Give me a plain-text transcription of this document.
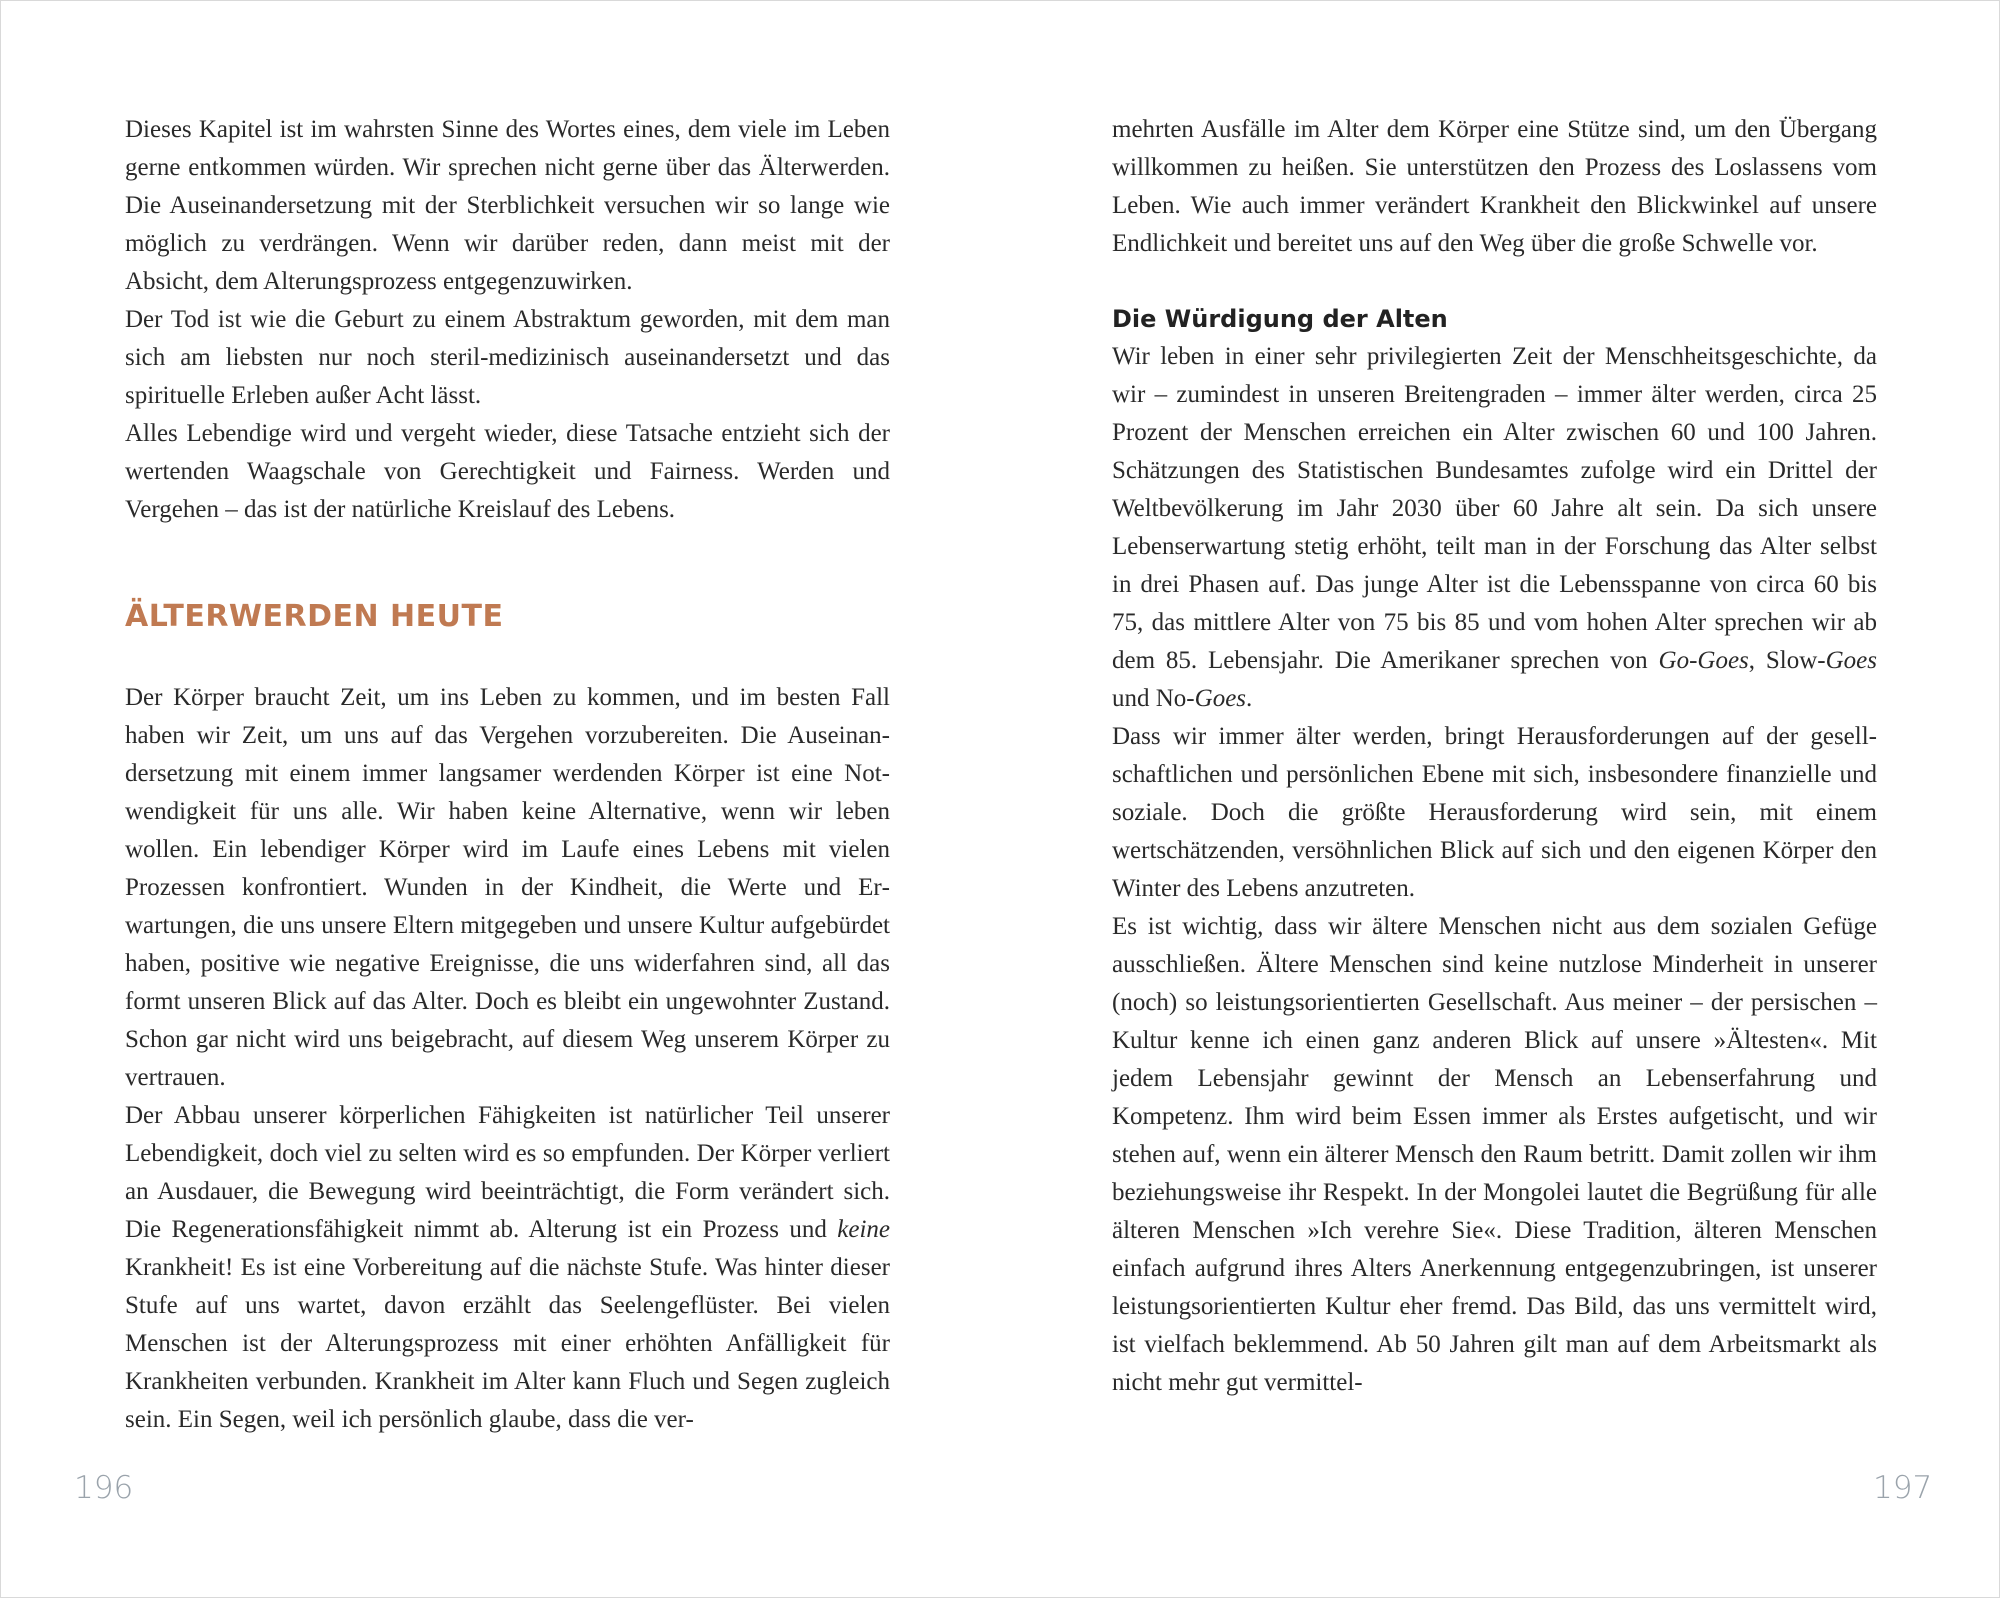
Dieses Kapitel ist im wahrsten Sinne des Wortes eines, dem viele im Leben gerne entkommen würden. Wir sprechen nicht gerne über das Älterwerden. Die Auseinandersetzung mit der Sterblichkeit versuchen wir so lange wie möglich zu verdrängen. Wenn wir darüber reden, dann meist mit der Absicht, dem Alterungsprozess entgegenzuwirken.

Der Tod ist wie die Geburt zu einem Abstraktum geworden, mit dem man sich am liebsten nur noch steril-medizinisch auseinandersetzt und das spirituelle Erleben außer Acht lässt.

Alles Lebendige wird und vergeht wieder, diese Tatsache entzieht sich der wertenden Waagschale von Gerechtigkeit und Fairness. Werden und Vergehen – das ist der natürliche Kreislauf des Lebens.

ÄLTERWERDEN HEUTE

Der Körper braucht Zeit, um ins Leben zu kommen, und im besten Fall haben wir Zeit, um uns auf das Vergehen vorzubereiten. Die Auseinandersetzung mit einem immer langsamer werdenden Körper ist eine Notwendigkeit für uns alle. Wir haben keine Alternative, wenn wir leben wollen. Ein lebendiger Körper wird im Laufe eines Lebens mit vielen Prozessen konfrontiert. Wunden in der Kindheit, die Werte und Erwartungen, die uns unsere Eltern mitgegeben und unsere Kultur aufgebürdet haben, positive wie negative Ereignisse, die uns widerfahren sind, all das formt unseren Blick auf das Alter. Doch es bleibt ein ungewohnter Zustand. Schon gar nicht wird uns beigebracht, auf diesem Weg unserem Körper zu vertrauen.

Der Abbau unserer körperlichen Fähigkeiten ist natürlicher Teil unserer Lebendigkeit, doch viel zu selten wird es so empfunden. Der Körper verliert an Ausdauer, die Bewegung wird beeinträchtigt, die Form verändert sich. Die Regenerationsfähigkeit nimmt ab. Alterung ist ein Prozess und keine Krankheit! Es ist eine Vorbereitung auf die nächste Stufe. Was hinter dieser Stufe auf uns wartet, davon erzählt das Seelengeflüster. Bei vielen Menschen ist der Alterungsprozess mit einer erhöhten Anfälligkeit für Krankheiten verbunden. Krankheit im Alter kann Fluch und Segen zugleich sein. Ein Segen, weil ich persönlich glaube, dass die ver-

196

mehrten Ausfälle im Alter dem Körper eine Stütze sind, um den Übergang willkommen zu heißen. Sie unterstützen den Prozess des Loslassens vom Leben. Wie auch immer verändert Krankheit den Blickwinkel auf unsere Endlichkeit und bereitet uns auf den Weg über die große Schwelle vor.

Die Würdigung der Alten

Wir leben in einer sehr privilegierten Zeit der Menschheitsgeschichte, da wir – zumindest in unseren Breitengraden – immer älter werden, circa 25 Prozent der Menschen erreichen ein Alter zwischen 60 und 100 Jahren. Schätzungen des Statistischen Bundesamtes zufolge wird ein Drittel der Weltbevölkerung im Jahr 2030 über 60 Jahre alt sein. Da sich unsere Lebenserwartung stetig erhöht, teilt man in der Forschung das Alter selbst in drei Phasen auf. Das junge Alter ist die Lebensspanne von circa 60 bis 75, das mittlere Alter von 75 bis 85 und vom hohen Alter sprechen wir ab dem 85. Lebensjahr. Die Amerikaner sprechen von Go-Goes, Slow-Goes und No-Goes.

Dass wir immer älter werden, bringt Herausforderungen auf der gesellschaftlichen und persönlichen Ebene mit sich, insbesondere finanzielle und soziale. Doch die größte Herausforderung wird sein, mit einem wertschätzenden, versöhnlichen Blick auf sich und den eigenen Körper den Winter des Lebens anzutreten.

Es ist wichtig, dass wir ältere Menschen nicht aus dem sozialen Gefüge ausschließen. Ältere Menschen sind keine nutzlose Minderheit in unserer (noch) so leistungsorientierten Gesellschaft. Aus meiner – der persischen – Kultur kenne ich einen ganz anderen Blick auf unsere »Ältesten«. Mit jedem Lebensjahr gewinnt der Mensch an Lebenserfahrung und Kompetenz. Ihm wird beim Essen immer als Erstes aufgetischt, und wir stehen auf, wenn ein älterer Mensch den Raum betritt. Damit zollen wir ihm beziehungsweise ihr Respekt. In der Mongolei lautet die Begrüßung für alle älteren Menschen »Ich verehre Sie«. Diese Tradition, älteren Menschen einfach aufgrund ihres Alters Anerkennung entgegenzubringen, ist unserer leistungsorientierten Kultur eher fremd. Das Bild, das uns vermittelt wird, ist vielfach beklemmend. Ab 50 Jahren gilt man auf dem Arbeitsmarkt als nicht mehr gut vermittel-

197
